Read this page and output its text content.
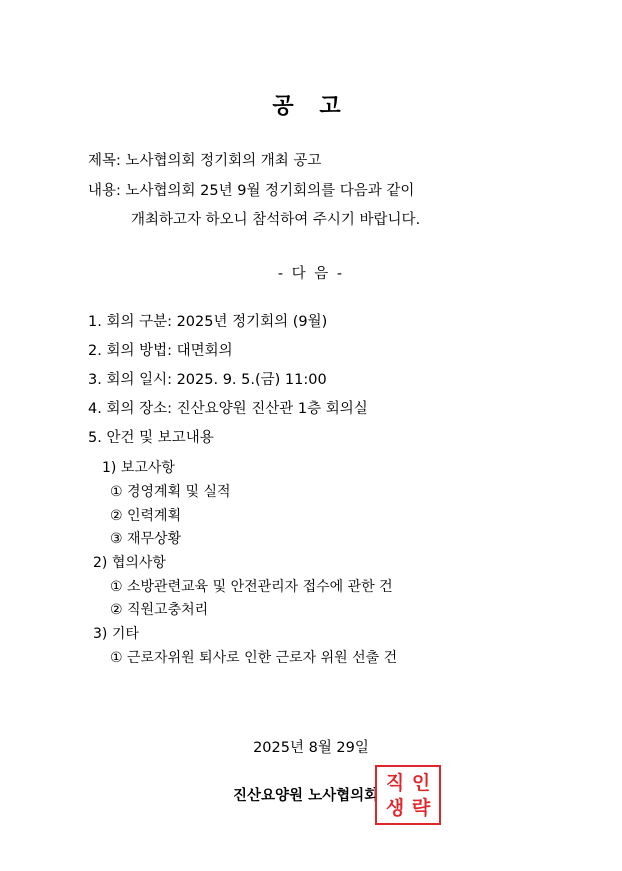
공 고
제목: 노사협의회 정기회의 개최 공고
내용: 노사협의회 25년 9월 정기회의를 다음과 같이
개최하고자 하오니 참석하여 주시기 바랍니다.
- 다 음 -
1. 회의 구분: 2025년 정기회의 (9월)
2. 회의 방법: 대면회의
3. 회의 일시: 2025. 9. 5.(금) 11:00
4. 회의 장소: 진산요양원 진산관 1층 회의실
5. 안건 및 보고내용
1) 보고사항
① 경영계획 및 실적
② 인력계획
③ 재무상황
2) 협의사항
① 소방관련교육 및 안전관리자 접수에 관한 건
② 직원고충처리
3) 기타
① 근로자위원 퇴사로 인한 근로자 위원 선출 건
2025년 8월 29일
진산요양원 노사협의회
직 인
생 략
